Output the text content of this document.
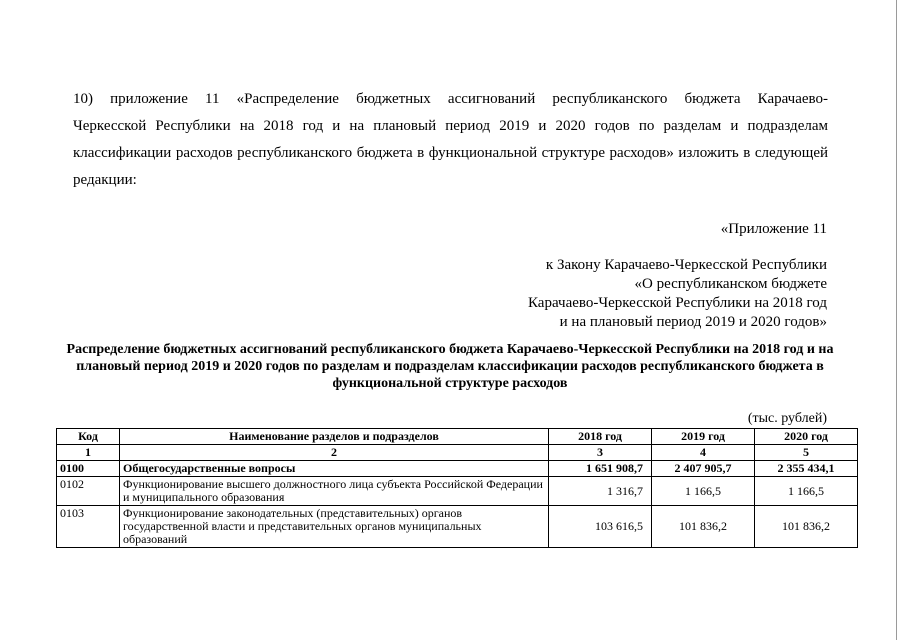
10) приложение 11 «Распределение бюджетных ассигнований республиканского бюджета Карачаево-
Черкесской Республики на 2018 год и на плановый период 2019 и 2020 годов по разделам и подразделам
классификации расходов республиканского бюджета в функциональной структуре расходов» изложить в следующей
редакции:
«Приложение 11
к Закону Карачаево-Черкесской Республики
«О республиканском бюджете
Карачаево-Черкесской Республики на 2018 год
и на плановый период 2019 и 2020 годов»
Распределение бюджетных ассигнований республиканского бюджета Карачаево-Черкесской Республики на 2018 год и на плановый период 2019 и 2020 годов по разделам и подразделам классификации расходов республиканского бюджета в функциональной структуре расходов
(тыс. рублей)
Код	Наименование разделов и подразделов	2018 год	2019 год	2020 год
1	2	3	4	5
0100	Общегосударственные вопросы	1 651 908,7	2 407 905,7	2 355 434,1
0102	Функционирование высшего должностного лица субъекта Российской Федерации и муниципального образования	1 316,7	1 166,5	1 166,5
0103	Функционирование законодательных (представительных) органов государственной власти и представительных органов муниципальных образований	103 616,5	101 836,2	101 836,2
